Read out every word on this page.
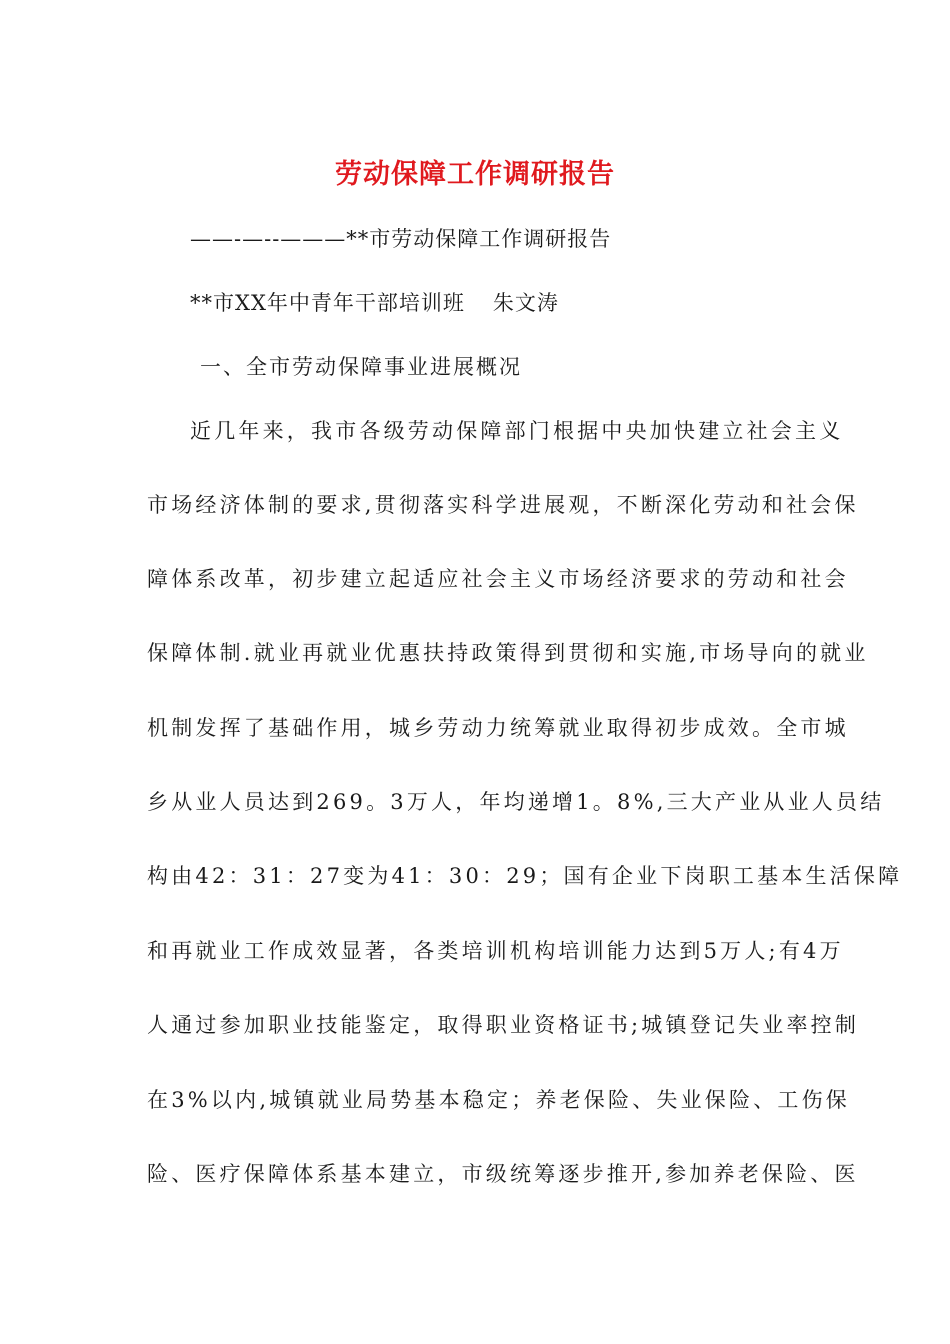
劳动保障工作调研报告
——-—--———**市劳动保障工作调研报告
**市XX年中青年干部培训班 朱文涛
一、全市劳动保障事业进展概况
近几年来，我市各级劳动保障部门根据中央加快建立社会主义
市场经济体制的要求,贯彻落实科学进展观，不断深化劳动和社会保
障体系改革，初步建立起适应社会主义市场经济要求的劳动和社会
保障体制.就业再就业优惠扶持政策得到贯彻和实施,市场导向的就业
机制发挥了基础作用，城乡劳动力统筹就业取得初步成效。全市城
乡从业人员达到269。3万人，年均递增1。8%,三大产业从业人员结
构由42：31：27变为41：30：29；国有企业下岗职工基本生活保障
和再就业工作成效显著，各类培训机构培训能力达到5万人;有4万
人通过参加职业技能鉴定，取得职业资格证书;城镇登记失业率控制
在3%以内,城镇就业局势基本稳定；养老保险、失业保险、工伤保
险、医疗保障体系基本建立，市级统筹逐步推开,参加养老保险、医
